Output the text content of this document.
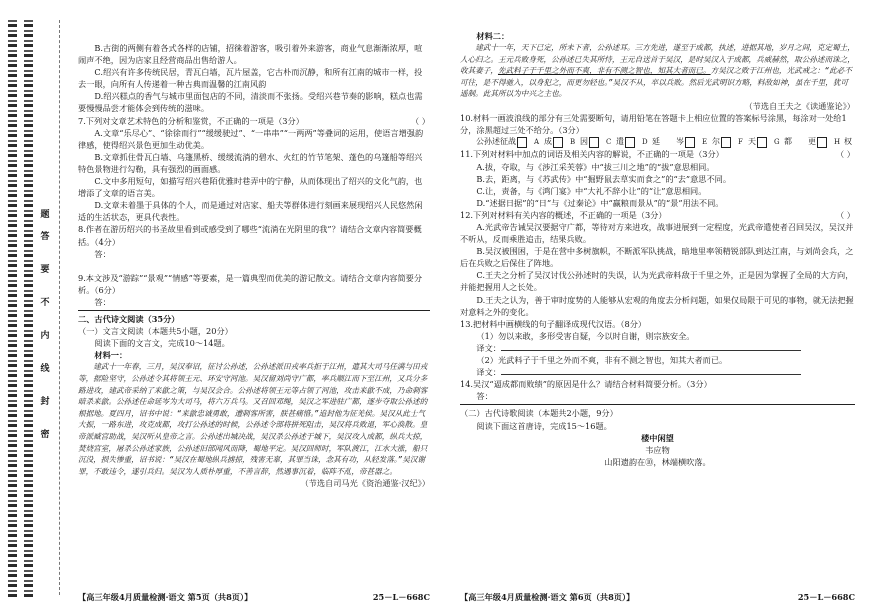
题

答

要

不

内

线

封

密

B.古街的两侧有着各式各样的店铺，招徕着游客，吸引着外来游客，商业气息渐渐浓厚，喧闹声不绝，因为店家且经营商品出售给游人。

C.绍兴有许多传统民居，青瓦白墙，瓦片屋盖，它古朴而沉静，和所有江南的城市一样，投去一眼，向所有人传递着一种古典而温馨的江南风韵

D.绍兴糕点的香气与城市里面包店的不同，清淡而不张扬。受绍兴巷节奏的影响，糕点也需要慢慢品尝才能体会到传统的滋味。

7.下列对文章艺术特色的分析和鉴赏，不正确的一项是（3分）	（ ）

A.文章“乐尽心”、“徐徐而行”“缓缓驶过”、“一串串”“一两两”等叠词的运用，使语言增强韵律感，使得绍兴景色更加生动优美。

B.文章抓住骨瓦白墙、乌篷黑桥、缓缓流淌的碧水、火红的竹节笔架、蓬色的乌篷船等绍兴特色景物进行勾勒，具有强烈的画面感。

C.文中多用短句，如描写绍兴巷陌优雅时巷弄中的宁静，从而体现出了绍兴的文化气韵，也增添了文章的语言美。

D.文章未着墨于具体的个人，而是通过对店家、船夫等群体进行刻画来展现绍兴人民悠然闲适的生活状态，更具代表性。

8.作者在游历绍兴的书圣故里看到或感受到了哪些“流淌在光阴里的我”？请结合文章内容简要概括。（4分）

答：

9.本文涉及“游踪”“景观”“情感”等要素，是一篇典型而优美的游记散文。请结合文章内容简要分析。（6分）

答：

二、古代诗文阅读（35分）

（一）文言文阅读（本题共5小题，20分）

阅读下面的文言文，完成10～14题。

材料一：

建武十一年春，三月，吴汉奉诏，征讨公孙述，公孙述派田戎率兵拒于江州，遣其大司马任满与田戎等，据险坚守，公孙述令其将领王元、环安守河池。吴汉留刘尚守广都，率兵顺江而下至江州，又兵分多路进攻，建武帝采纳了来歙之策，与吴汉会合。公孙述将领王元等占领了河池，攻击来歙不成，乃命刺客暗杀来歙。公孙述任命延岑为大司马，将六万兵马。又召回邓绳，吴汉之军进驻广都，逐步夺取公孙述的根据地。夏四月，诏书中说：“来歙忠诚勇敢，遭刺客所害，朕甚痛惜。”追封他为征羌侯。吴汉从此士气大振，一路东进，攻克成都，攻打公孙述的时候，公孙述令部将拼死阻击，吴汉将兵败退，军心涣散。皇帝派臧宫助战，吴汉听从皇帝之言。公孙述出城决战，吴汉杀公孙述于城下，吴汉攻入成都，纵兵大掠，焚烧宫室，屠杀公孙述家族，公孙述旧部闻风而降，蜀地平定。吴汉回师时，军队渡江，江水大涨，船只沉没，损失惨重，诏书说：“吴汉在蜀地纵兵掳掠，残害无辜，其罪当诛，念其有功，从轻发落。”吴汉谢罪，不敢违令，遂引兵归。吴汉为人质朴厚重，不善言辞，然遇事沉着，临阵不乱，帝甚器之。

（节选自司马光《资治通鉴·汉纪》）

【高三年级4月质量检测·语文 第5页（共8页）】	25－L－668C

材料二：

建武十一年，天下已定，所未下者，公孙述耳。三方先进，遂至于成都，执述，进据其地，岁月之间，克定蜀土，人心归之。王元兵败身死，公孙述已失其所恃，王元自送首于吴汉，是时吴汉入于成都，兵威赫然，取公孙述而诛之，收其妻子，先武料子于千里之外而不爽，非有不测之智也，知其大者而已。方吴汉之败于江州也，光武戒之：“此必不可往，是不得驰入，以身犯之，而更勿轻也。”吴汉不从，卒以兵败。然后光武明识方略，料敌如神，虽在千里，犹可遥制。此其所以为中兴之主也。

（节选自王夫之《读通鉴论》）

10.材料一画波浪线的部分有三处需要断句，请用铅笔在答题卡上相应位置的答案标号涂黑，每涂对一处给1分，涂黑超过三处不给分。（3分）

公孙述征战	A 成	B 因	C 遣	D 延	岑	E 尔	F 天	G 都	更	H 权
11.下列对材料中加点的词语及相关内容的解说，不正确的一项是（3分）	（ ）

A.拔，夺取，与《涉江采芙蓉》中“拔三川之地”的“拔”意思相同。

B.去，距离，与《苏武传》中“掘野鼠去草实而食之”的“去”意思不同。

C.让，责备，与《鸿门宴》中“大礼不辞小让”的“让”意思相同。

D.“述据日据”的“日”与《过秦论》中“赢粮而景从”的“景”用法不同。

12.下列对材料有关内容的概述，不正确的一项是（3分）	（ ）

A.光武帝告诫吴汉要据守广都，等待对方来进攻，战事进展到一定程度，光武帝遣使者召回吴汉，吴汉并不听从，反而乘胜追击，结果兵败。

B.吴汉被围困，于是在营中多树旗帜，不断派军队挑战，暗地里率领精锐部队到达江南，与刘尚会兵，之后在兵败之后保住了阵地。

C.王夫之分析了吴汉讨伐公孙述时的失误，认为光武帝料敌于千里之外，正是因为掌握了全局的大方向，并能把握用人之长处。

D.王夫之认为，善于审时度势的人能够从宏观的角度去分析问题，如果仅局限于可见的事物，就无法把握对意料之外的变化。

13.把材料中画横线的句子翻译成现代汉语。（8分）

（1）勿以来敢，多形受害自疑，今以时自谢，则宗族安全。

译文：

（2）光武料子于千里之外而不爽，非有不测之智也，知其大者而已。

译文：

14.吴汉“逼成都而败绩”的原因是什么？请结合材料简要分析。（3分）

答：

（二）古代诗歌阅读（本题共2小题，9分）

阅读下面这首唐诗，完成15～16题。

楼中闲望

韦应物

山阳遗韵在⑩，林端横吹落。

【高三年级4月质量检测·语文 第6页（共8页）】	25－L－668C
